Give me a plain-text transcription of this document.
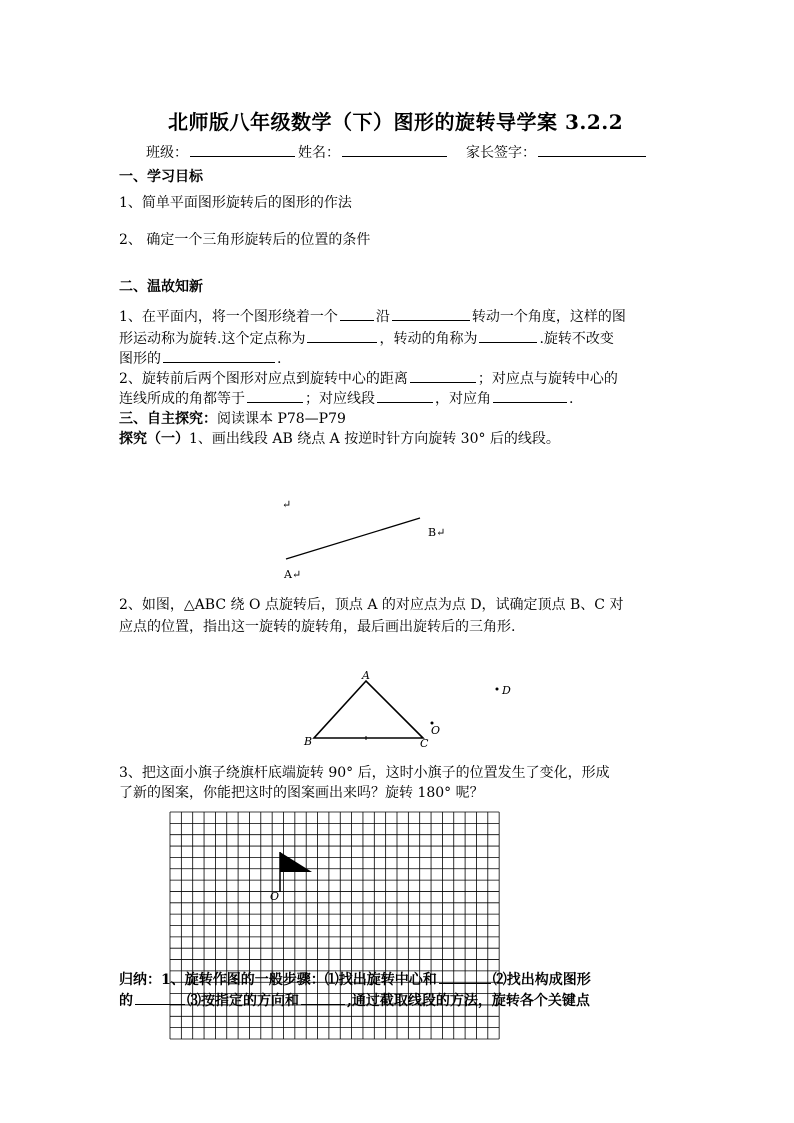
北师版八年级数学（下）图形的旋转导学案 3.2.2
班级：	姓名：	家长签字：
一、学习目标
1、简单平面图形旋转后的图形的作法
2、 确定一个三角形旋转后的位置的条件
二、温故知新
1、在平面内，将一个图形绕着一个	沿	转动一个角度，这样的图
形运动称为旋转.这个定点称为	，转动的角称为	.旋转不改变
图形的	.
2、旋转前后两个图形对应点到旋转中心的距离	；对应点与旋转中心的
连线所成的角都等于	；对应线段	，对应角	.
三、自主探究：阅读课本 P78—P79
探究（一）1、画出线段 AB 绕点 A 按逆时针方向旋转 30° 后的线段。
↵
B↵
A↵
2、如图，△ABC 绕 O 点旋转后，顶点 A 的对应点为点 D，试确定顶点 B、C 对
应点的位置，指出这一旋转的旋转角，最后画出旋转后的三角形.
A
B	C
D
O
3、把这面小旗子绕旗杆底端旋转 90° 后，这时小旗子的位置发生了变化，形成
了新的图案，你能把这时的图案画出来吗？旋转 180° 呢？
O
归纳：1、旋转作图的一般步骤：⑴找出旋转中心和	⑵找出构成图形
的	⑶按指定的方向和	,通过截取线段的方法，旋转各个关键点
